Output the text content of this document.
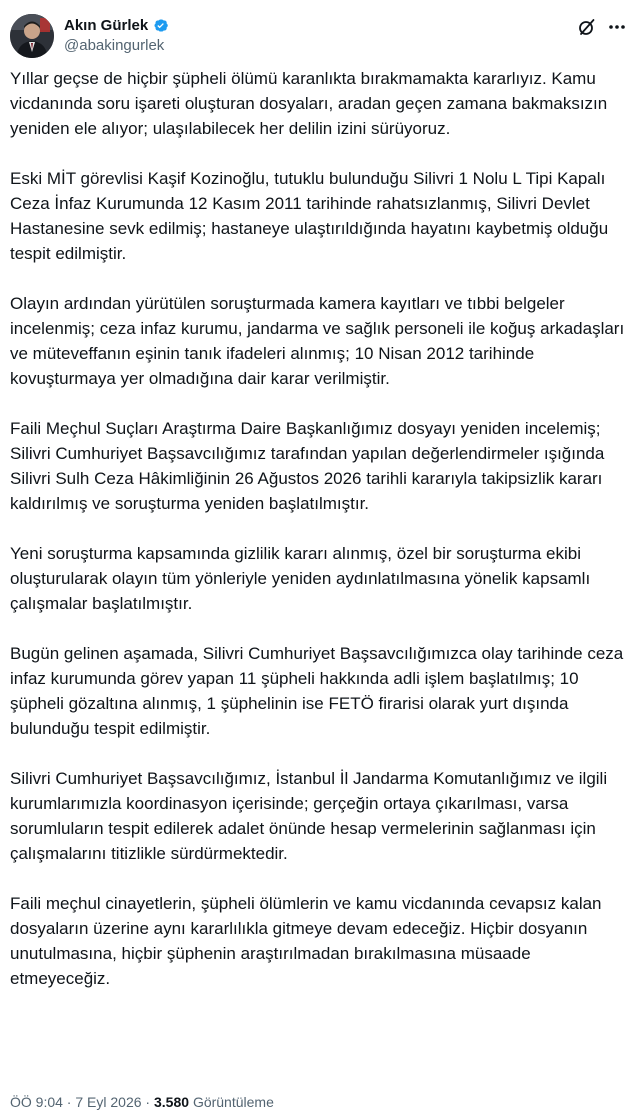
Akın Gürlek
@abakingurlek

Yıllar geçse de hiçbir şüpheli ölümü karanlıkta bırakmamakta kararlıyız. Kamu vicdanında soru işareti oluşturan dosyaları, aradan geçen zamana bakmaksızın yeniden ele alıyor; ulaşılabilecek her delilin izini sürüyoruz.

Eski MİT görevlisi Kaşif Kozinoğlu, tutuklu bulunduğu Silivri 1 Nolu L Tipi Kapalı Ceza İnfaz Kurumunda 12 Kasım 2011 tarihinde rahatsızlanmış, Silivri Devlet Hastanesine sevk edilmiş; hastaneye ulaştırıldığında hayatını kaybetmiş olduğu tespit edilmiştir.

Olayın ardından yürütülen soruşturmada kamera kayıtları ve tıbbi belgeler incelenmiş; ceza infaz kurumu, jandarma ve sağlık personeli ile koğuş arkadaşları ve müteveffanın eşinin tanık ifadeleri alınmış; 10 Nisan 2012 tarihinde kovuşturmaya yer olmadığına dair karar verilmiştir.

Faili Meçhul Suçları Araştırma Daire Başkanlığımız dosyayı yeniden incelemiş; Silivri Cumhuriyet Başsavcılığımız tarafından yapılan değerlendirmeler ışığında Silivri Sulh Ceza Hâkimliğinin 26 Ağustos 2026 tarihli kararıyla takipsizlik kararı kaldırılmış ve soruşturma yeniden başlatılmıştır.

Yeni soruşturma kapsamında gizlilik kararı alınmış, özel bir soruşturma ekibi oluşturularak olayın tüm yönleriyle yeniden aydınlatılmasına yönelik kapsamlı çalışmalar başlatılmıştır.

Bugün gelinen aşamada, Silivri Cumhuriyet Başsavcılığımızca olay tarihinde ceza infaz kurumunda görev yapan 11 şüpheli hakkında adli işlem başlatılmış; 10 şüpheli gözaltına alınmış, 1 şüphelinin ise FETÖ firarisi olarak yurt dışında bulunduğu tespit edilmiştir.

Silivri Cumhuriyet Başsavcılığımız, İstanbul İl Jandarma Komutanlığımız ve ilgili kurumlarımızla koordinasyon içerisinde; gerçeğin ortaya çıkarılması, varsa sorumluların tespit edilerek adalet önünde hesap vermelerinin sağlanması için çalışmalarını titizlikle sürdürmektedir.

Faili meçhul cinayetlerin, şüpheli ölümlerin ve kamu vicdanında cevapsız kalan dosyaların üzerine aynı kararlılıkla gitmeye devam edeceğiz. Hiçbir dosyanın unutulmasına, hiçbir şüphenin araştırılmadan bırakılmasına müsaade etmeyeceğiz.

ÖÖ 9:04 · 7 Eyl 2026 · 3.580 Görüntüleme
